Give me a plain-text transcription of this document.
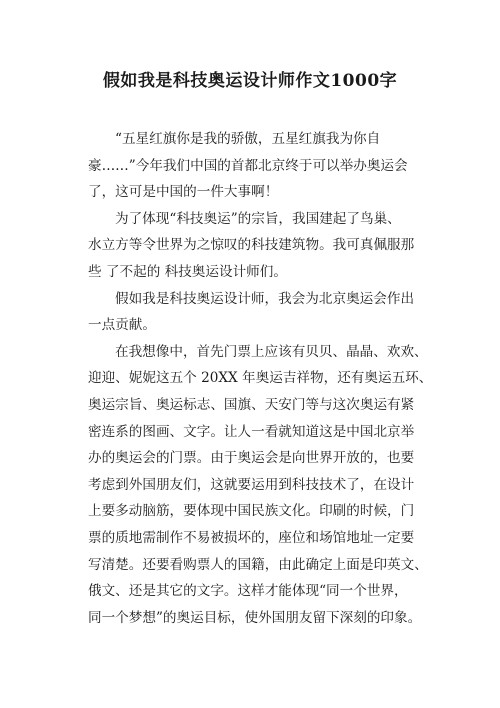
假如我是科技奥运设计师作文1000字

“五星红旗你是我的骄傲，五星红旗我为你自
豪……”今年我们中国的首都北京终于可以举办奥运会
了，这可是中国的一件大事啊！

为了体现“科技奥运”的宗旨，我国建起了鸟巢、
水立方等令世界为之惊叹的科技建筑物。我可真佩服那
些 了不起的 科技奥运设计师们。

假如我是科技奥运设计师，我会为北京奥运会作出
一点贡献。

在我想像中，首先门票上应该有贝贝、晶晶、欢欢、
迎迎、妮妮这五个 20XX 年奥运吉祥物，还有奥运五环、
奥运宗旨、奥运标志、国旗、天安门等与这次奥运有紧
密连系的图画、文字。让人一看就知道这是中国北京举
办的奥运会的门票。由于奥运会是向世界开放的，也要
考虑到外国朋友们，这就要运用到科技技术了，在设计
上要多动脑筋，要体现中国民族文化。印刷的时候，门
票的质地需制作不易被损坏的，座位和场馆地址一定要
写清楚。还要看购票人的国籍，由此确定上面是印英文、
俄文、还是其它的文字。这样才能体现“同一个世界，
同一个梦想”的奥运目标，使外国朋友留下深刻的印象。
